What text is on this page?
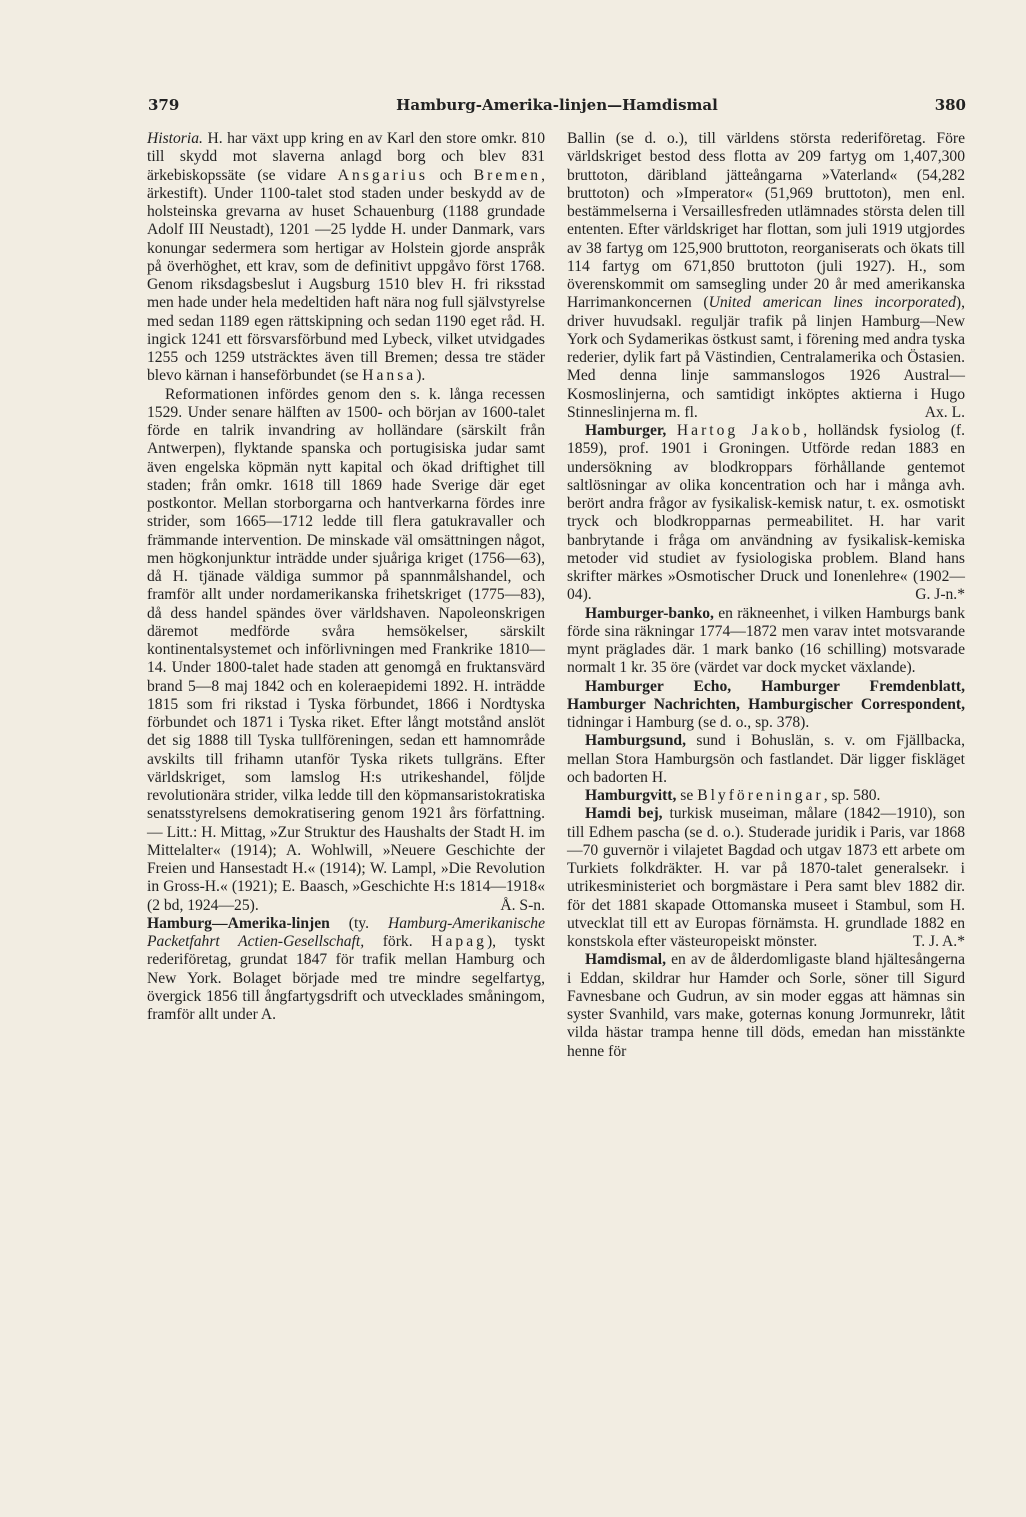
379	Hamburg-Amerika-linjen—Hamdismal	380

Historia. H. har växt upp kring en av Karl den store omkr. 810 till skydd mot slaverna anlagd borg och blev 831 ärkebiskopssäte (se vidare Ansgarius och Bremen, ärkestift). Under 1100-talet stod staden under beskydd av de holsteinska grevarna av huset Schauenburg (1188 grundade Adolf III Neustadt), 1201 —25 lydde H. under Danmark, vars konungar sedermera som hertigar av Holstein gjorde anspråk på överhöghet, ett krav, som de definitivt uppgåvo först 1768. Genom riksdagsbeslut i Augsburg 1510 blev H. fri riksstad men hade under hela medeltiden haft nära nog full självstyrelse med sedan 1189 egen rättskipning och sedan 1190 eget råd. H. ingick 1241 ett försvarsförbund med Lybeck, vilket utvidgades 1255 och 1259 utsträcktes även till Bremen; dessa tre städer blevo kärnan i hanseförbundet (se Hansa).

Reformationen infördes genom den s. k. långa recessen 1529. Under senare hälften av 1500- och början av 1600-talet förde en talrik invandring av holländare (särskilt från Antwerpen), flyktande spanska och portugisiska judar samt även engelska köpmän nytt kapital och ökad driftighet till staden; från omkr. 1618 till 1869 hade Sverige där eget postkontor. Mellan storborgarna och hantverkarna fördes inre strider, som 1665—1712 ledde till flera gatukravaller och främmande intervention. De minskade väl omsättningen något, men högkonjunktur inträdde under sjuåriga kriget (1756—63), då H. tjänade väldiga summor på spannmålshandel, och framför allt under nordamerikanska frihetskriget (1775—83), då dess handel spändes över världshaven. Napoleonskrigen däremot medförde svåra hemsökelser, särskilt kontinentalsystemet och införlivningen med Frankrike 1810—14. Under 1800-talet hade staden att genomgå en fruktansvärd brand 5—8 maj 1842 och en koleraepidemi 1892. H. inträdde 1815 som fri rikstad i Tyska förbundet, 1866 i Nordtyska förbundet och 1871 i Tyska riket. Efter långt motstånd anslöt det sig 1888 till Tyska tullföreningen, sedan ett hamnområde avskilts till frihamn utanför Tyska rikets tullgräns. Efter världskriget, som lamslog H:s utrikeshandel, följde revolutionära strider, vilka ledde till den köpmansaristokratiska senatsstyrelsens demokratisering genom 1921 års författning. — Litt.: H. Mittag, »Zur Struktur des Haushalts der Stadt H. im Mittelalter« (1914); A. Wohlwill, »Neuere Geschichte der Freien und Hansestadt H.« (1914); W. Lampl, »Die Revolution in Gross-H.« (1921); E. Baasch, »Geschichte H:s 1814—1918« (2 bd, 1924—25).	Å. S-n.

Hamburg—Amerika-linjen (ty. Hamburg-Amerikanische Packetfahrt Actien-Gesellschaft, förk. Hapag), tyskt rederiföretag, grundat 1847 för trafik mellan Hamburg och New York. Bolaget började med tre mindre segelfartyg, övergick 1856 till ångfartygsdrift och utvecklades småningom, framför allt under A.

Ballin (se d. o.), till världens största rederiföretag. Före världskriget bestod dess flotta av 209 fartyg om 1,407,300 bruttoton, däribland jätteångarna »Vaterland« (54,282 bruttoton) och »Imperator« (51,969 bruttoton), men enl. bestämmelserna i Versaillesfreden utlämnades största delen till ententen. Efter världskriget har flottan, som juli 1919 utgjordes av 38 fartyg om 125,900 bruttoton, reorganiserats och ökats till 114 fartyg om 671,850 bruttoton (juli 1927). H., som överenskommit om samsegling under 20 år med amerikanska Harrimankoncernen (United american lines incorporated), driver huvudsakl. reguljär trafik på linjen Hamburg—New York och Sydamerikas östkust samt, i förening med andra tyska rederier, dylik fart på Västindien, Centralamerika och Östasien. Med denna linje sammanslogos 1926 Austral—Kosmoslinjerna, och samtidigt inköptes aktierna i Hugo Stinneslinjerna m. fl.	Ax. L.

Hamburger, Hartog Jakob, holländsk fysiolog (f. 1859), prof. 1901 i Groningen. Utförde redan 1883 en undersökning av blodkroppars förhållande gentemot saltlösningar av olika koncentration och har i många avh. berört andra frågor av fysikalisk-kemisk natur, t. ex. osmotiskt tryck och blodkropparnas permeabilitet. H. har varit banbrytande i fråga om användning av fysikalisk-kemiska metoder vid studiet av fysiologiska problem. Bland hans skrifter märkes »Osmotischer Druck und Ionenlehre« (1902—04).	G. J-n.*

Hamburger-banko, en räkneenhet, i vilken Hamburgs bank förde sina räkningar 1774—1872 men varav intet motsvarande mynt präglades där. 1 mark banko (16 schilling) motsvarade normalt 1 kr. 35 öre (värdet var dock mycket växlande).

Hamburger Echo, Hamburger Fremdenblatt, Hamburger Nachrichten, Hamburgischer Correspondent, tidningar i Hamburg (se d. o., sp. 378).

Hamburgsund, sund i Bohuslän, s. v. om Fjällbacka, mellan Stora Hamburgsön och fastlandet. Där ligger fiskläget och badorten H.

Hamburgvitt, se Blyföreningar, sp. 580.

Hamdi bej, turkisk museiman, målare (1842—1910), son till Edhem pascha (se d. o.). Studerade juridik i Paris, var 1868—70 guvernör i vilajetet Bagdad och utgav 1873 ett arbete om Turkiets folkdräkter. H. var på 1870-talet generalsekr. i utrikesministeriet och borgmästare i Pera samt blev 1882 dir. för det 1881 skapade Ottomanska museet i Stambul, som H. utvecklat till ett av Europas förnämsta. H. grundlade 1882 en konstskola efter västeuropeiskt mönster.	T. J. A.*

Hamdismal, en av de ålderdomligaste bland hjältesångerna i Eddan, skildrar hur Hamder och Sorle, söner till Sigurd Favnesbane och Gudrun, av sin moder eggas att hämnas sin syster Svanhild, vars make, goternas konung Jormunrekr, låtit vilda hästar trampa henne till döds, emedan han misstänkte henne för
